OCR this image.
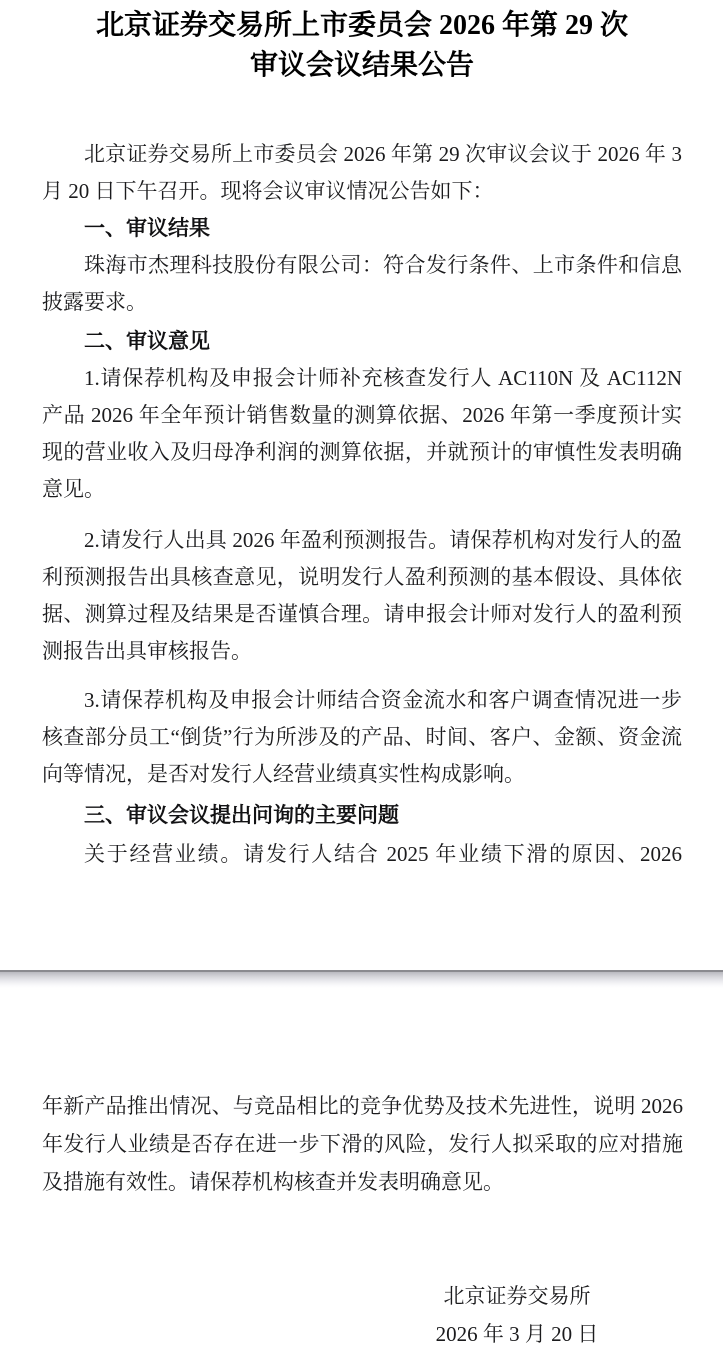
北京证券交易所上市委员会 2026 年第 29 次
审议会议结果公告

北京证券交易所上市委员会 2026 年第 29 次审议会议于 2026 年 3 月 20 日下午召开。现将会议审议情况公告如下：

一、审议结果

珠海市杰理科技股份有限公司：符合发行条件、上市条件和信息披露要求。

二、审议意见

1.请保荐机构及申报会计师补充核查发行人 AC110N 及 AC112N 产品 2026 年全年预计销售数量的测算依据、2026 年第一季度预计实现的营业收入及归母净利润的测算依据，并就预计的审慎性发表明确意见。

2.请发行人出具 2026 年盈利预测报告。请保荐机构对发行人的盈利预测报告出具核查意见，说明发行人盈利预测的基本假设、具体依据、测算过程及结果是否谨慎合理。请申报会计师对发行人的盈利预测报告出具审核报告。

3.请保荐机构及申报会计师结合资金流水和客户调查情况进一步核查部分员工“倒货”行为所涉及的产品、时间、客户、金额、资金流向等情况，是否对发行人经营业绩真实性构成影响。

三、审议会议提出问询的主要问题

关于经营业绩。请发行人结合 2025 年业绩下滑的原因、2026

年新产品推出情况、与竞品相比的竞争优势及技术先进性，说明 2026 年发行人业绩是否存在进一步下滑的风险，发行人拟采取的应对措施及措施有效性。请保荐机构核查并发表明确意见。

北京证券交易所

2026 年 3 月 20 日
